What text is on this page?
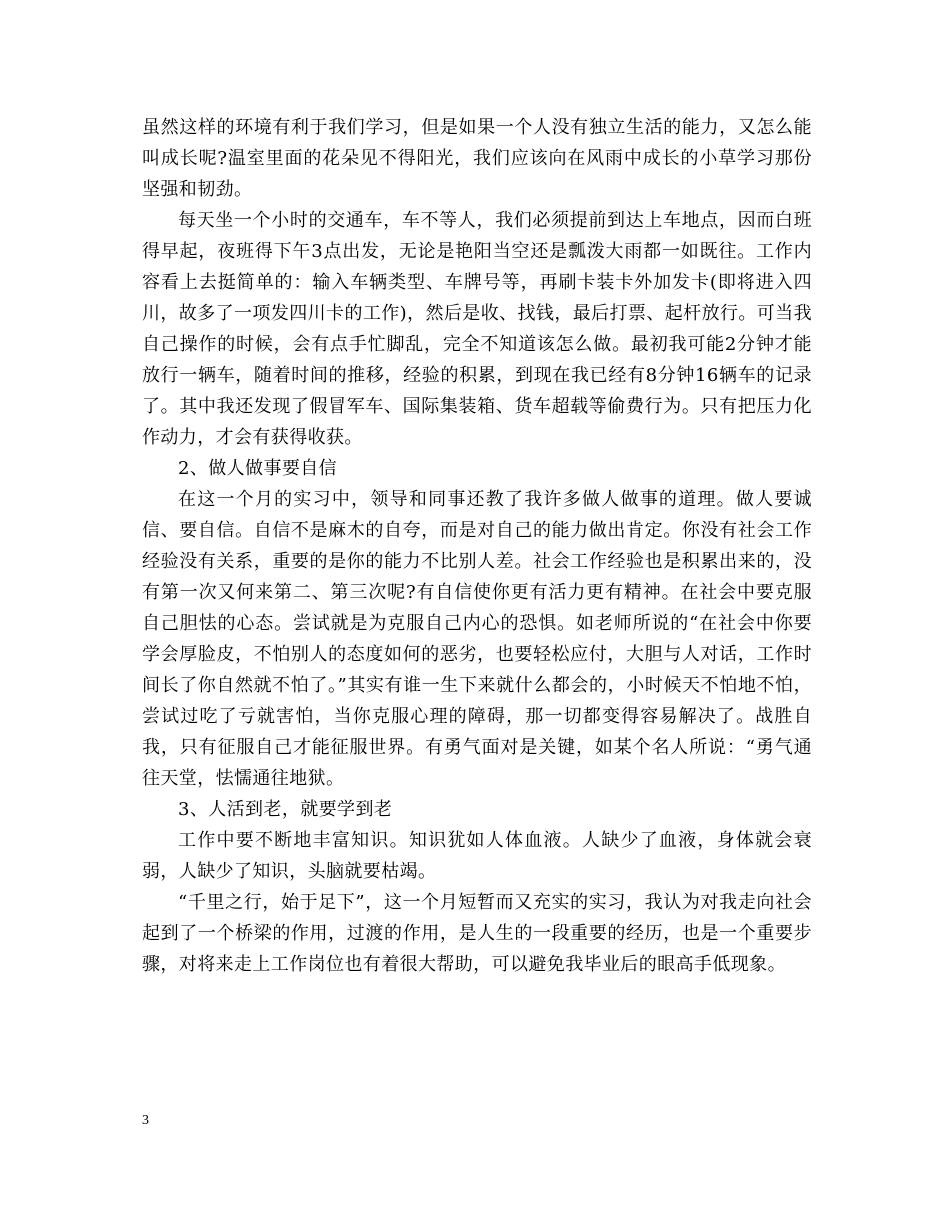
虽然这样的环境有利于我们学习，但是如果一个人没有独立生活的能力，又怎么能叫成长呢?温室里面的花朵见不得阳光，我们应该向在风雨中成长的小草学习那份坚强和韧劲。

每天坐一个小时的交通车，车不等人，我们必须提前到达上车地点，因而白班得早起，夜班得下午3点出发，无论是艳阳当空还是瓢泼大雨都一如既往。工作内容看上去挺简单的：输入车辆类型、车牌号等，再刷卡装卡外加发卡(即将进入四川，故多了一项发四川卡的工作)，然后是收、找钱，最后打票、起杆放行。可当我自己操作的时候，会有点手忙脚乱，完全不知道该怎么做。最初我可能2分钟才能放行一辆车，随着时间的推移，经验的积累，到现在我已经有8分钟16辆车的记录了。其中我还发现了假冒军车、国际集装箱、货车超载等偷费行为。只有把压力化作动力，才会有获得收获。

2、做人做事要自信

在这一个月的实习中，领导和同事还教了我许多做人做事的道理。做人要诚信、要自信。自信不是麻木的自夸，而是对自己的能力做出肯定。你没有社会工作经验没有关系，重要的是你的能力不比别人差。社会工作经验也是积累出来的，没有第一次又何来第二、第三次呢?有自信使你更有活力更有精神。在社会中要克服自己胆怯的心态。尝试就是为克服自己内心的恐惧。如老师所说的“在社会中你要学会厚脸皮，不怕别人的态度如何的恶劣，也要轻松应付，大胆与人对话，工作时间长了你自然就不怕了。”其实有谁一生下来就什么都会的，小时候天不怕地不怕，尝试过吃了亏就害怕，当你克服心理的障碍，那一切都变得容易解决了。战胜自我，只有征服自己才能征服世界。有勇气面对是关键，如某个名人所说：“勇气通往天堂，怯懦通往地狱。

3、人活到老，就要学到老

工作中要不断地丰富知识。知识犹如人体血液。人缺少了血液，身体就会衰弱，人缺少了知识，头脑就要枯竭。

“千里之行，始于足下”，这一个月短暂而又充实的实习，我认为对我走向社会起到了一个桥梁的作用，过渡的作用，是人生的一段重要的经历，也是一个重要步骤，对将来走上工作岗位也有着很大帮助，可以避免我毕业后的眼高手低现象。

3
